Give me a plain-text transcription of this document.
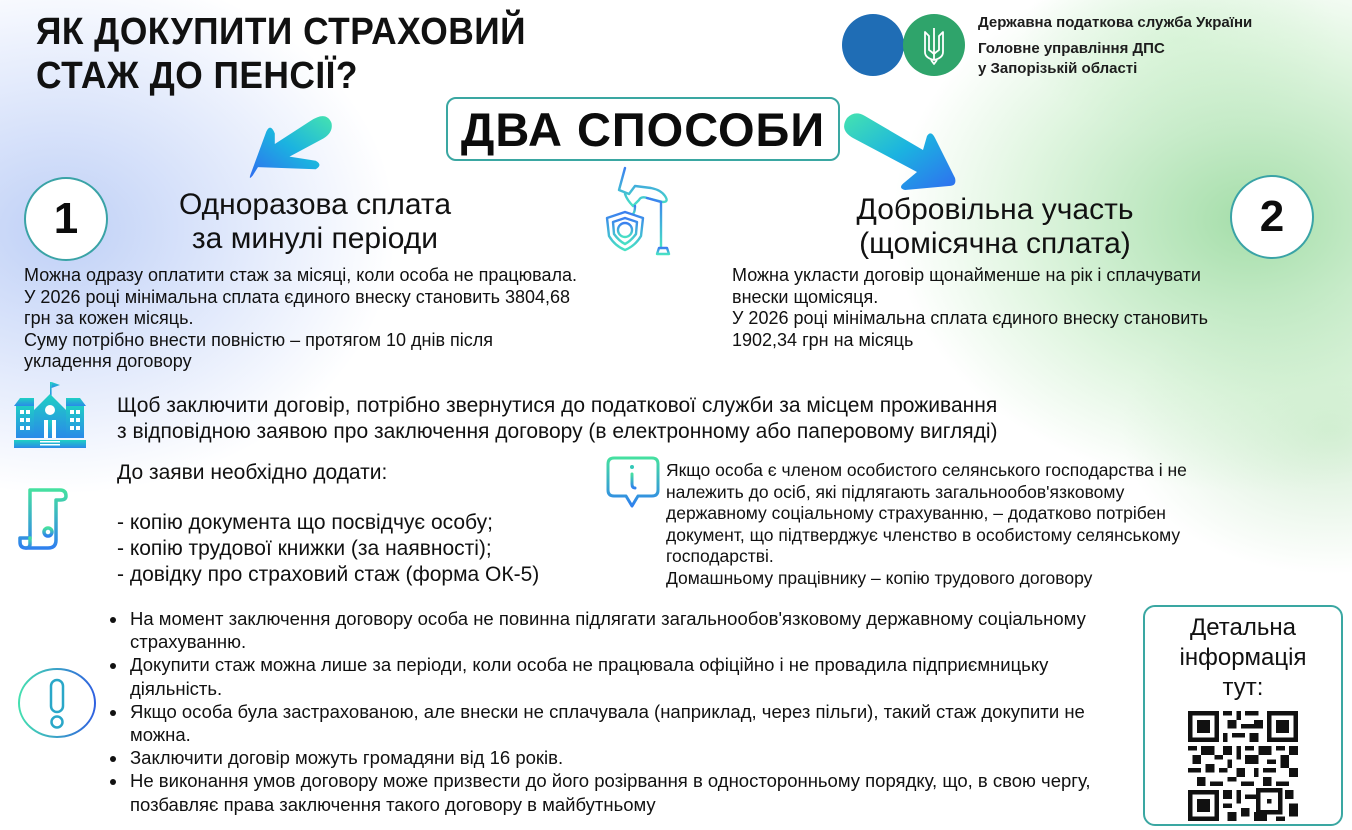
ЯК ДОКУПИТИ СТРАХОВИЙ
СТАЖ ДО ПЕНСІЇ?
Державна податкова служба України
Головне управління ДПС
у Запорізькій області
ДВА СПОСОБИ
1	Одноразова сплата
за минулі періоди
Можна одразу оплатити стаж за місяці, коли особа не працювала.
У 2026 році мінімальна сплата єдиного внеску становить 3804,68
грн за кожен місяць.
Суму потрібно внести повністю – протягом 10 днів після
укладення договору
Добровільна участь
(щомісячна сплата)
2
Можна укласти договір щонайменше на рік і сплачувати
внески щомісяця.
У 2026 році мінімальна сплата єдиного внеску становить
1902,34 грн на місяць
Щоб заключити договір, потрібно звернутися до податкової служби за місцем проживання
з відповідною заявою про заключення договору (в електронному або паперовому вигляді)
До заяви необхідно додати:
- копію документа що посвідчує особу;
- копію трудової книжки (за наявності);
- довідку про страховий стаж (форма ОК-5)
Якщо особа є членом особистого селянського господарства і не
належить до осіб, які підлягають загальнообов'язковому
державному соціальному страхуванню, – додатково потрібен
документ, що підтверджує членство в особистому селянському
господарстві.
Домашньому працівнику – копію трудового договору
На момент заключення договору особа не повинна підлягати загальнообов'язковому державному соціальному страхуванню.
Докупити стаж можна лише за періоди, коли особа не працювала офіційно і не провадила підприємницьку діяльність.
Якщо особа була застрахованою, але внески не сплачувала (наприклад, через пільги), такий стаж докупити не можна.
Заключити договір можуть громадяни від 16 років.
Не виконання умов договору може призвести до його розірвання в односторонньому порядку, що, в свою чергу, позбавляє права заключення такого договору в майбутньому
Детальна
інформація
тут:
